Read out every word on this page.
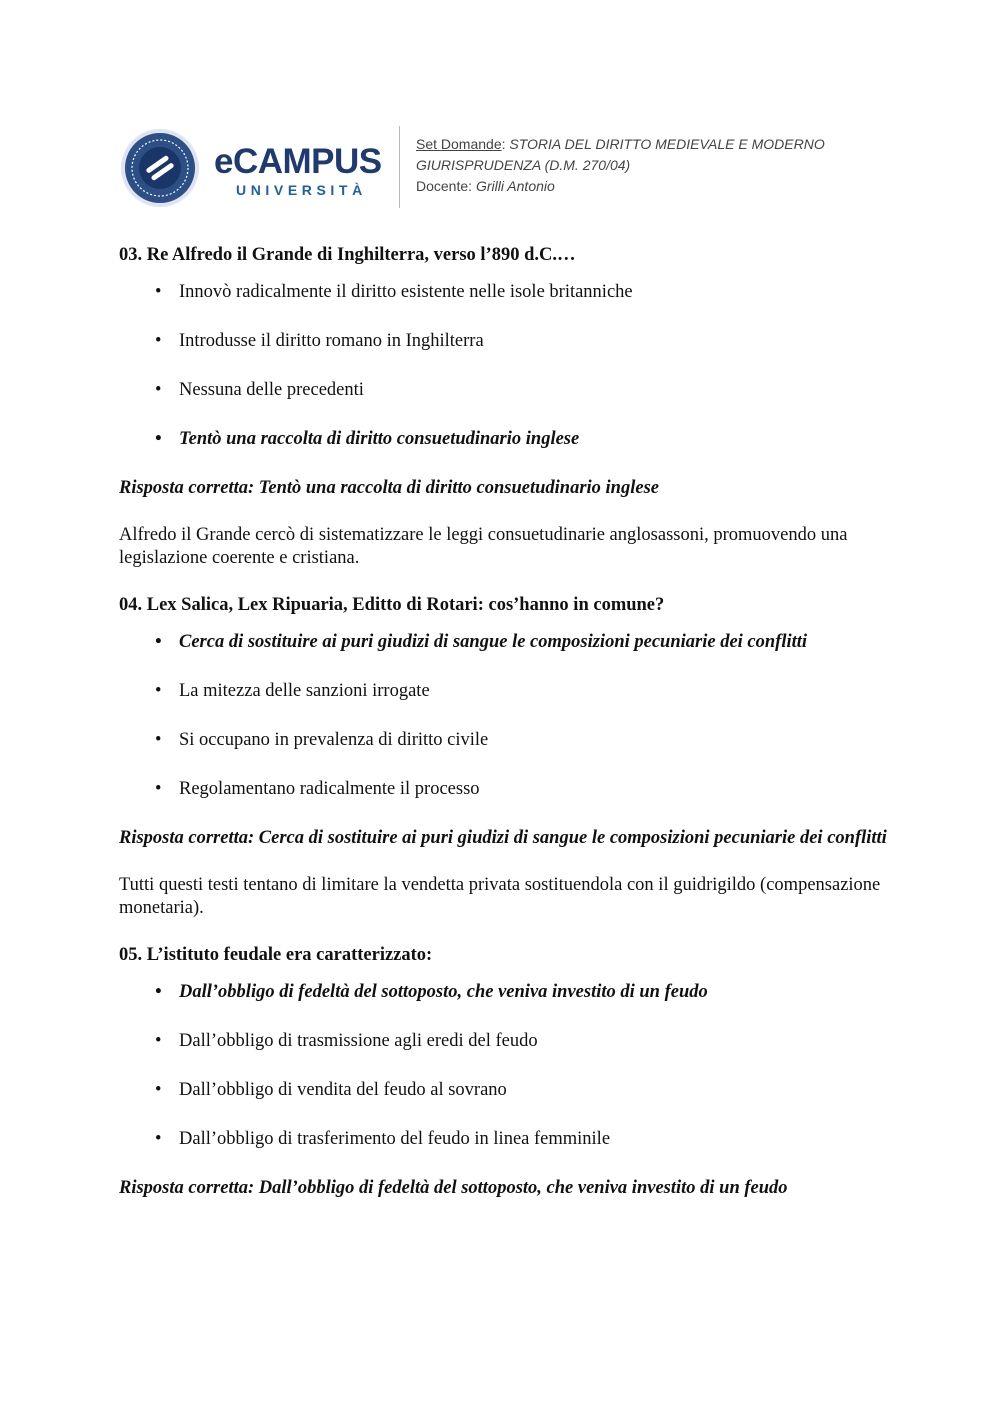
eCAMPUS
UNIVERSITÀ
Set Domande: STORIA DEL DIRITTO MEDIEVALE E MODERNO
GIURISPRUDENZA (D.M. 270/04)
Docente: Grilli Antonio

03. Re Alfredo il Grande di Inghilterra, verso l’890 d.C.…

• Innovò radicalmente il diritto esistente nelle isole britanniche
• Introdusse il diritto romano in Inghilterra
• Nessuna delle precedenti
• Tentò una raccolta di diritto consuetudinario inglese

Risposta corretta: Tentò una raccolta di diritto consuetudinario inglese

Alfredo il Grande cercò di sistematizzare le leggi consuetudinarie anglosassoni, promuovendo una legislazione coerente e cristiana.

04. Lex Salica, Lex Ripuaria, Editto di Rotari: cos’hanno in comune?

• Cerca di sostituire ai puri giudizi di sangue le composizioni pecuniarie dei conflitti
• La mitezza delle sanzioni irrogate
• Si occupano in prevalenza di diritto civile
• Regolamentano radicalmente il processo

Risposta corretta: Cerca di sostituire ai puri giudizi di sangue le composizioni pecuniarie dei conflitti

Tutti questi testi tentano di limitare la vendetta privata sostituendola con il guidrigildo (compensazione monetaria).

05. L’istituto feudale era caratterizzato:

• Dall’obbligo di fedeltà del sottoposto, che veniva investito di un feudo
• Dall’obbligo di trasmissione agli eredi del feudo
• Dall’obbligo di vendita del feudo al sovrano
• Dall’obbligo di trasferimento del feudo in linea femminile

Risposta corretta: Dall’obbligo di fedeltà del sottoposto, che veniva investito di un feudo
